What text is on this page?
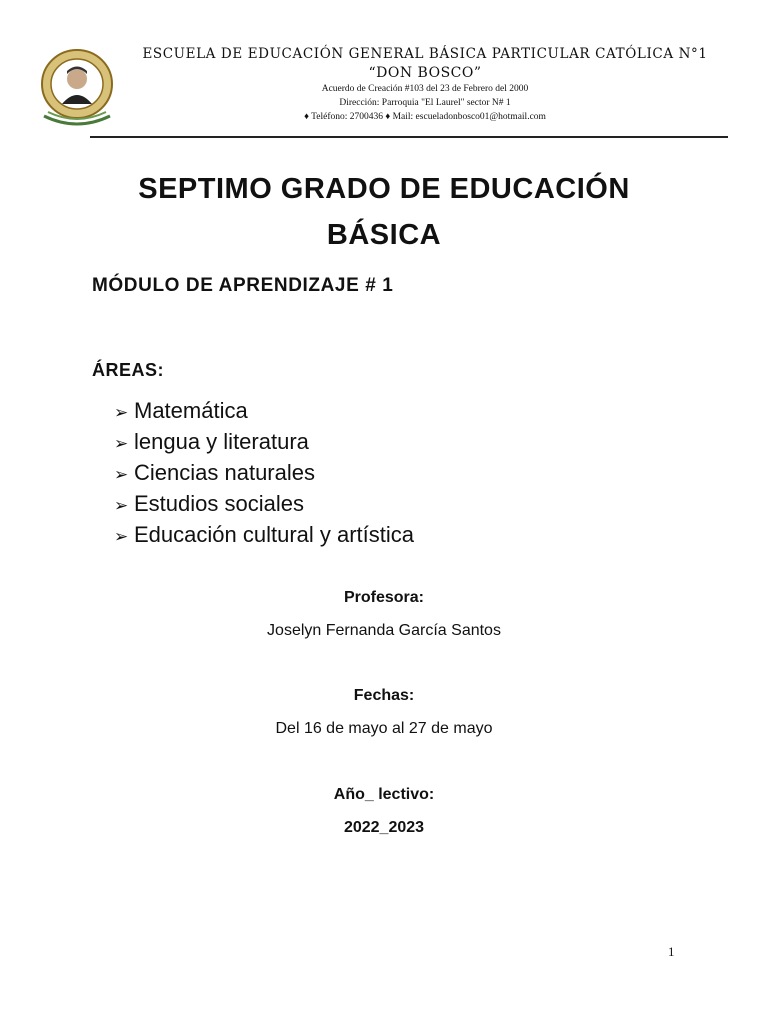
ESCUELA DE EDUCACIÓN GENERAL BÁSICA PARTICULAR CATÓLICA N°1
“DON BOSCO”
Acuerdo de Creación #103 del 23 de Febrero del 2000
Dirección: Parroquia "El Laurel" sector N# 1
♦ Teléfono: 2700436 ♦ Mail: escueladonbosco01@hotmail.com
SEPTIMO GRADO DE EDUCACIÓN
BÁSICA
MÓDULO DE APRENDIZAJE # 1
ÁREAS:
➢ Matemática
➢ lengua y literatura
➢ Ciencias naturales
➢ Estudios sociales
➢ Educación cultural y artística
Profesora:
Joselyn Fernanda García Santos
Fechas:
Del 16 de mayo al 27 de mayo
Año_ lectivo:
2022_2023
1
